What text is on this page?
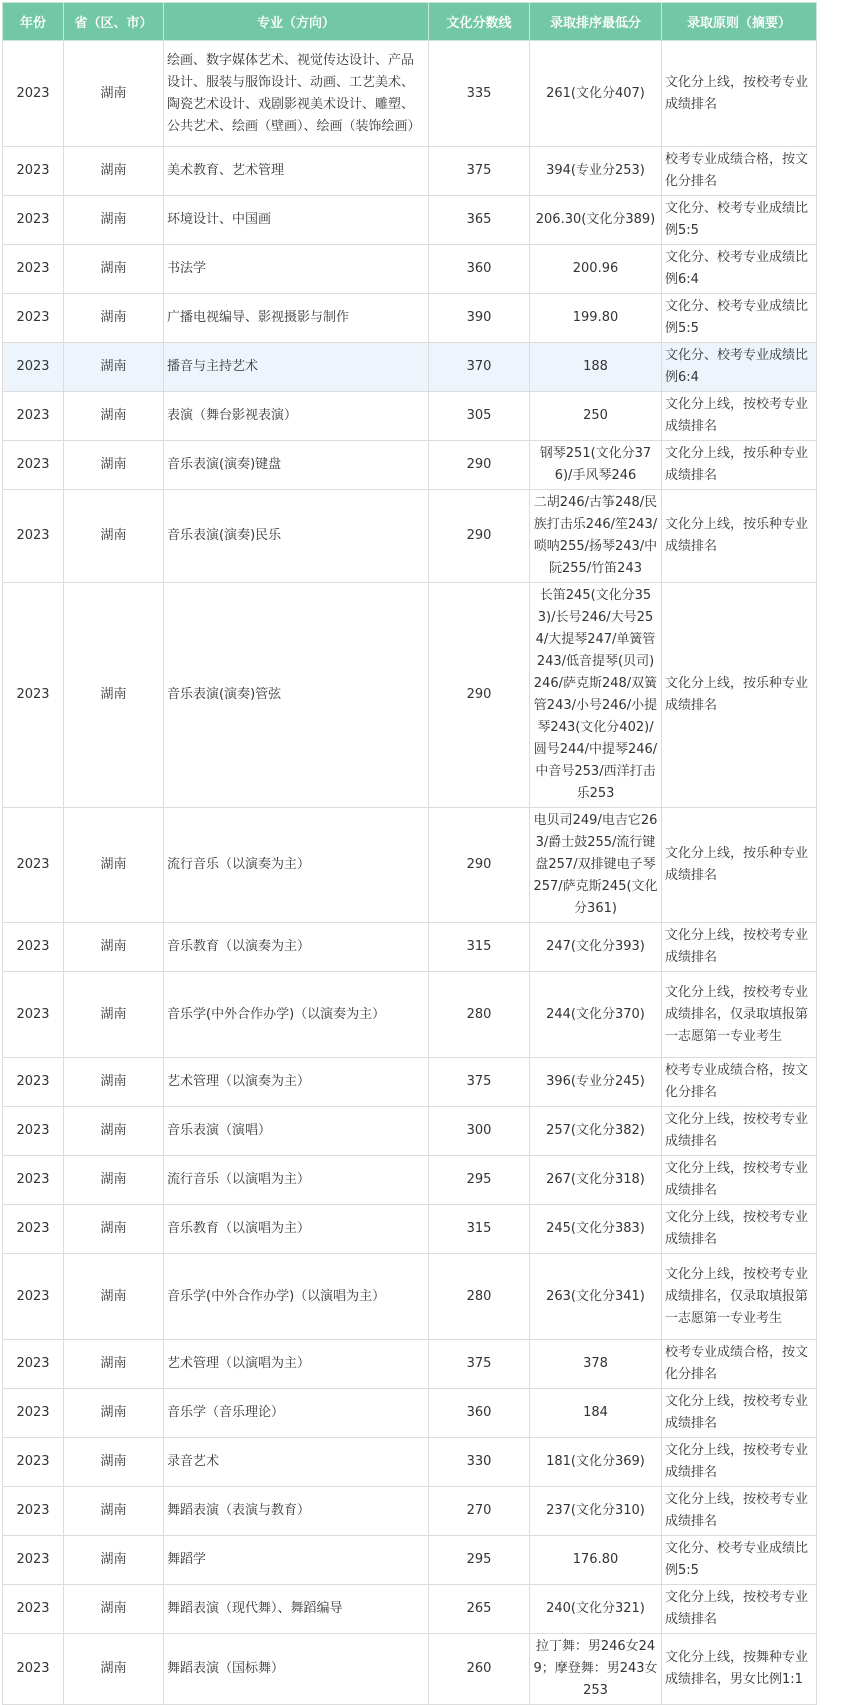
年份	省（区、市）	专业（方向）	文化分数线	录取排序最低分	录取原则（摘要）
2023	湖南	绘画、数字媒体艺术、视觉传达设计、产品设计、服装与服饰设计、动画、工艺美术、陶瓷艺术设计、戏剧影视美术设计、雕塑、公共艺术、绘画（壁画）、绘画（装饰绘画）	335	261(文化分407)	文化分上线，按校考专业成绩排名
2023	湖南	美术教育、艺术管理	375	394(专业分253)	校考专业成绩合格，按文化分排名
2023	湖南	环境设计、中国画	365	206.30(文化分389)	文化分、校考专业成绩比例5:5
2023	湖南	书法学	360	200.96	文化分、校考专业成绩比例6:4
2023	湖南	广播电视编导、影视摄影与制作	390	199.80	文化分、校考专业成绩比例5:5
2023	湖南	播音与主持艺术	370	188	文化分、校考专业成绩比例6:4
2023	湖南	表演（舞台影视表演）	305	250	文化分上线，按校考专业成绩排名
2023	湖南	音乐表演(演奏)键盘	290	钢琴251(文化分376)/手风琴246	文化分上线，按乐种专业成绩排名
2023	湖南	音乐表演(演奏)民乐	290	二胡246/古筝248/民族打击乐246/笙243/唢呐255/扬琴243/中阮255/竹笛243	文化分上线，按乐种专业成绩排名
2023	湖南	音乐表演(演奏)管弦	290	长笛245(文化分353)/长号246/大号254/大提琴247/单簧管243/低音提琴(贝司)246/萨克斯248/双簧管243/小号246/小提琴243(文化分402)/圆号244/中提琴246/中音号253/西洋打击乐253	文化分上线，按乐种专业成绩排名
2023	湖南	流行音乐（以演奏为主）	290	电贝司249/电吉它263/爵士鼓255/流行键盘257/双排键电子琴257/萨克斯245(文化分361)	文化分上线，按乐种专业成绩排名
2023	湖南	音乐教育（以演奏为主）	315	247(文化分393)	文化分上线，按校考专业成绩排名
2023	湖南	音乐学(中外合作办学)（以演奏为主）	280	244(文化分370)	文化分上线，按校考专业成绩排名，仅录取填报第一志愿第一专业考生
2023	湖南	艺术管理（以演奏为主）	375	396(专业分245)	校考专业成绩合格，按文化分排名
2023	湖南	音乐表演（演唱）	300	257(文化分382)	文化分上线，按校考专业成绩排名
2023	湖南	流行音乐（以演唱为主）	295	267(文化分318)	文化分上线，按校考专业成绩排名
2023	湖南	音乐教育（以演唱为主）	315	245(文化分383)	文化分上线，按校考专业成绩排名
2023	湖南	音乐学(中外合作办学)（以演唱为主）	280	263(文化分341)	文化分上线，按校考专业成绩排名，仅录取填报第一志愿第一专业考生
2023	湖南	艺术管理（以演唱为主）	375	378	校考专业成绩合格，按文化分排名
2023	湖南	音乐学（音乐理论）	360	184	文化分上线，按校考专业成绩排名
2023	湖南	录音艺术	330	181(文化分369)	文化分上线，按校考专业成绩排名
2023	湖南	舞蹈表演（表演与教育）	270	237(文化分310)	文化分上线，按校考专业成绩排名
2023	湖南	舞蹈学	295	176.80	文化分、校考专业成绩比例5:5
2023	湖南	舞蹈表演（现代舞）、舞蹈编导	265	240(文化分321)	文化分上线，按校考专业成绩排名
2023	湖南	舞蹈表演（国标舞）	260	拉丁舞：男246女249；摩登舞：男243女253	文化分上线，按舞种专业成绩排名，男女比例1:1
